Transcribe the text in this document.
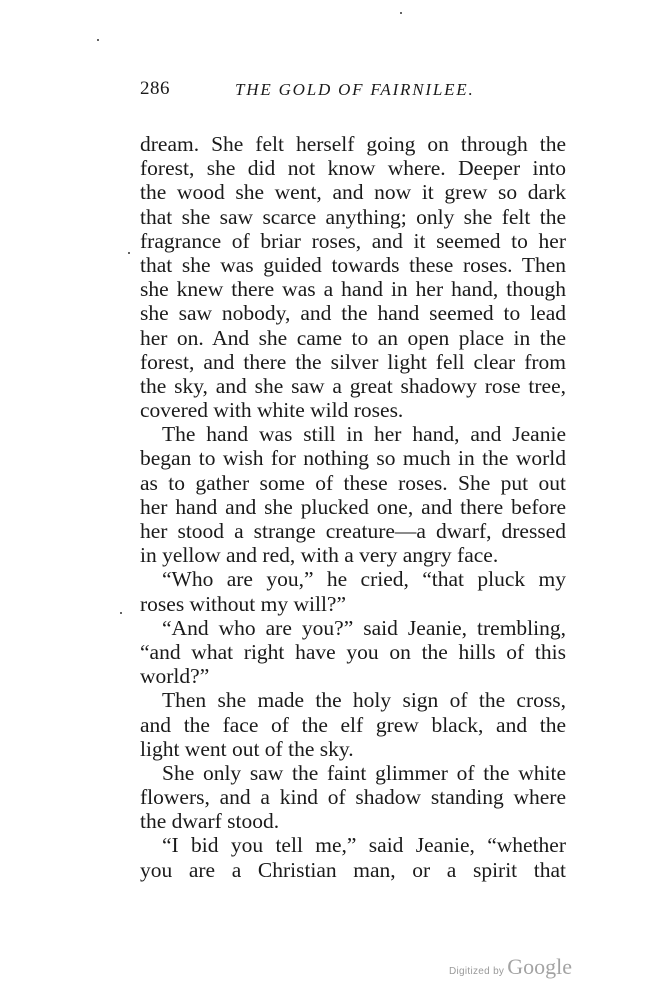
286	THE GOLD OF FAIRNILEE.
dream. She felt herself going on through the
forest, she did not know where. Deeper into
the wood she went, and now it grew so dark
that she saw scarce anything; only she felt the
fragrance of briar roses, and it seemed to her
that she was guided towards these roses. Then
she knew there was a hand in her hand, though
she saw nobody, and the hand seemed to lead
her on. And she came to an open place in the
forest, and there the silver light fell clear from
the sky, and she saw a great shadowy rose tree,
covered with white wild roses.
The hand was still in her hand, and Jeanie
began to wish for nothing so much in the world
as to gather some of these roses. She put out
her hand and she plucked one, and there before
her stood a strange creature—a dwarf, dressed
in yellow and red, with a very angry face.
“Who are you,” he cried, “that pluck my
roses without my will?”
“And who are you?” said Jeanie, trembling,
“and what right have you on the hills of this
world?”
Then she made the holy sign of the cross,
and the face of the elf grew black, and the
light went out of the sky.
She only saw the faint glimmer of the white
flowers, and a kind of shadow standing where
the dwarf stood.
“I bid you tell me,” said Jeanie, “whether
you are a Christian man, or a spirit that
Digitized by Google
